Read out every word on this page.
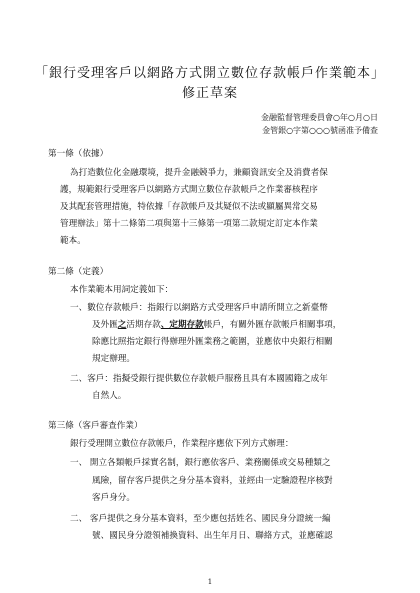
「銀行受理客戶以網路方式開立數位存款帳戶作業範本」
修正草案
金融監督管理委員會○年○月○日
金管銀○字第○○○號函准予備查
第一條（依據）
為打造數位化金融環境，提升金融競爭力，兼顧資訊安全及消費者保
護，規範銀行受理客戶以網路方式開立數位存款帳戶之作業審核程序
及其配套管理措施，特依據「存款帳戶及其疑似不法或顯屬異常交易
管理辦法」第十二條第二項與第十三條第一項第二款規定訂定本作業
範本。
第二條（定義）
本作業範本用詞定義如下：
一、數位存款帳戶：指銀行以網路方式受理客戶申請所開立之新臺幣
及外匯之活期存款、定期存款帳戶，有關外匯存款帳戶相關事項，
除應比照指定銀行得辦理外匯業務之範圍，並應依中央銀行相關
規定辦理。
二、客戶：指擬受銀行提供數位存款帳戶服務且具有本國國籍之成年
自然人。
第三條（客戶審查作業）
銀行受理開立數位存款帳戶，作業程序應依下列方式辦理：
一、 開立各類帳戶採實名制，銀行應依客戶、業務關係或交易種類之
風險，留存客戶提供之身分基本資料，並經由一定驗證程序核對
客戶身分。
二、 客戶提供之身分基本資料，至少應包括姓名、國民身分證統一編
號、國民身分證領補換資料、出生年月日、聯絡方式，並應確認
1
